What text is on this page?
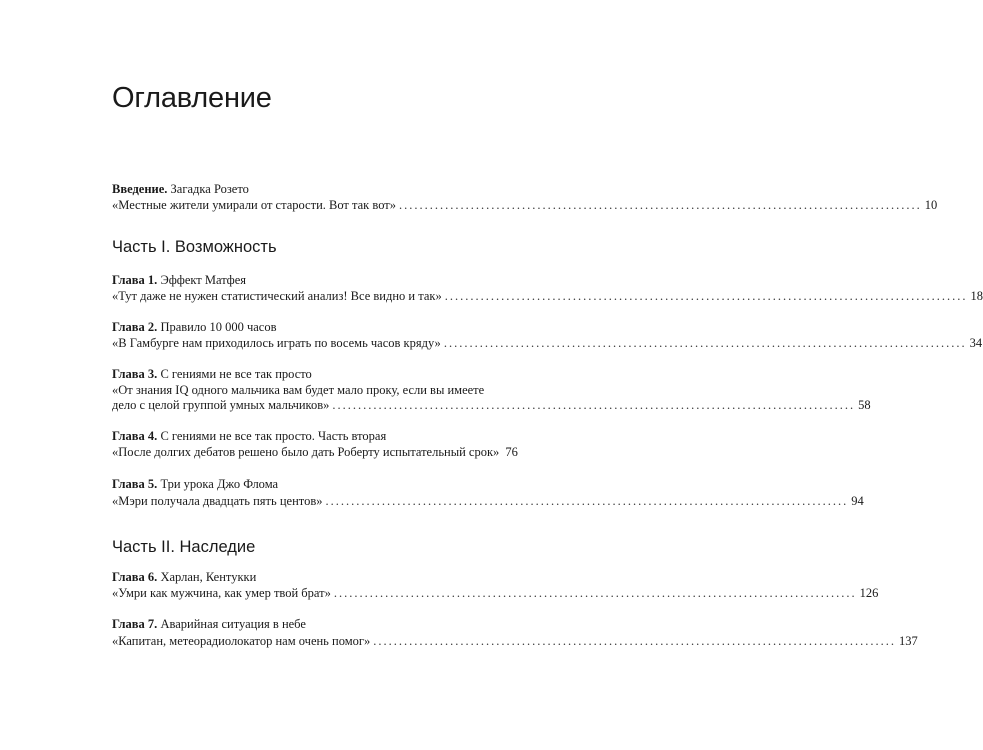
Оглавление
Введение. Загадка Розето
«Местные жители умирали от старости. Вот так вот» ...................................................................................................... 10
Часть I. Возможность
Глава 1. Эффект Матфея
«Тут даже не нужен статистический анализ! Все видно и так» ...................................................................................................... 18
Глава 2. Правило 10 000 часов
«В Гамбурге нам приходилось играть по восемь часов кряду» ...................................................................................................... 34
Глава 3. С гениями не все так просто
«От знания IQ одного мальчика вам будет мало проку, если вы имеете
дело с целой группой умных мальчиков» ...................................................................................................... 58
Глава 4. С гениями не все так просто. Часть вторая
«После долгих дебатов решено было дать Роберту испытательный срок» 76
Глава 5. Три урока Джо Флома
«Мэри получала двадцать пять центов» ...................................................................................................... 94
Часть II. Наследие
Глава 6. Харлан, Кентукки
«Умри как мужчина, как умер твой брат» ...................................................................................................... 126
Глава 7. Аварийная ситуация в небе
«Капитан, метеорадиолокатор нам очень помог» ...................................................................................................... 137
